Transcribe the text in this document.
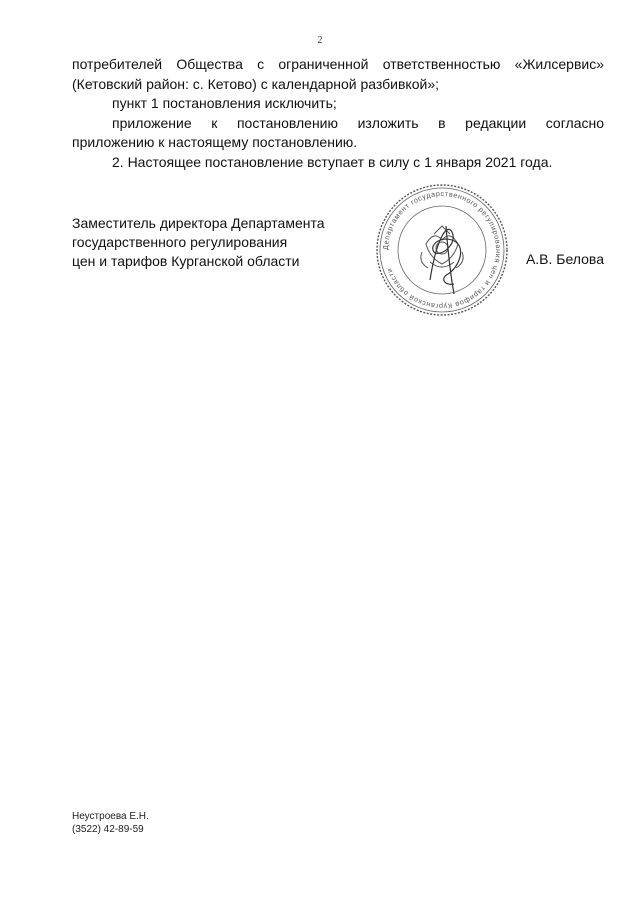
2

потребителей Общества с ограниченной ответственностью «Жилсервис»

(Кетовский район: с. Кетово) с календарной разбивкой»;

пункт 1 постановления исключить;

приложение к постановлению изложить в редакции согласно

приложению к настоящему постановлению.

2. Настоящее постановление вступает в силу с 1 января 2021 года.

Заместитель директора Департамента
государственного регулирования
цен и тарифов Курганской области
Департамент государственного регулирования цен и тарифов Курганской области
А.В. Белова
Неустроева Е.Н.
(3522) 42-89-59
